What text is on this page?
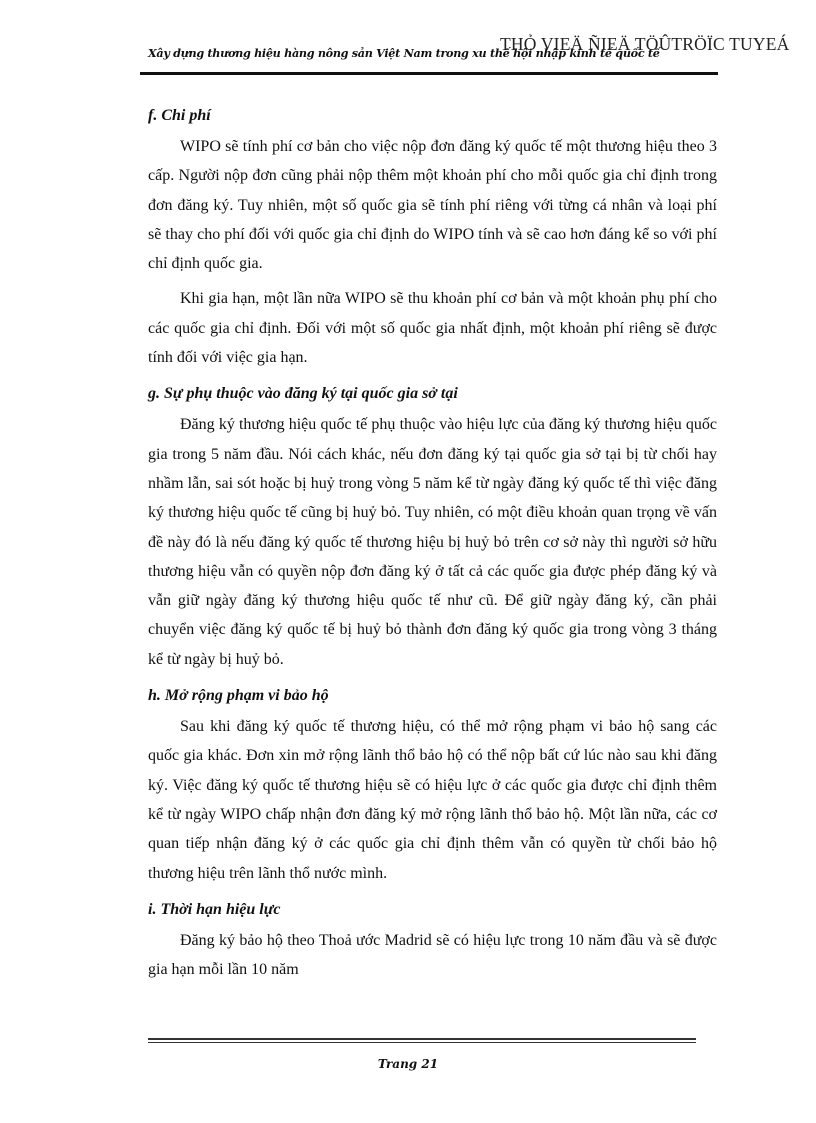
Xây dựng thương hiệu hàng nông sản Việt Nam trong xu thế hội nhập kinh tế quốc tế
THỎ VIEÄ ÑIEÄ TÖÛTRÖÏC TUYEÁ
f. Chi phí

WIPO sẽ tính phí cơ bản cho việc nộp đơn đăng ký quốc tế một thương hiệu theo 3 cấp. Người nộp đơn cũng phải nộp thêm một khoản phí cho mỗi quốc gia chỉ định trong đơn đăng ký. Tuy nhiên, một số quốc gia sẽ tính phí riêng với từng cá nhân và loại phí sẽ thay cho phí đối với quốc gia chỉ định do WIPO tính và sẽ cao hơn đáng kể so với phí chỉ định quốc gia.

Khi gia hạn, một lần nữa WIPO sẽ thu khoản phí cơ bản và một khoản phụ phí cho các quốc gia chỉ định. Đối với một số quốc gia nhất định, một khoản phí riêng sẽ được tính đối với việc gia hạn.

g. Sự phụ thuộc vào đăng ký tại quốc gia sở tại

Đăng ký thương hiệu quốc tế phụ thuộc vào hiệu lực của đăng ký thương hiệu quốc gia trong 5 năm đầu. Nói cách khác, nếu đơn đăng ký tại quốc gia sở tại bị từ chối hay nhầm lẫn, sai sót hoặc bị huỷ trong vòng 5 năm kể từ ngày đăng ký quốc tế thì việc đăng ký thương hiệu quốc tế cũng bị huỷ bỏ. Tuy nhiên, có một điều khoản quan trọng về vấn đề này đó là nếu đăng ký quốc tế thương hiệu bị huỷ bỏ trên cơ sở này thì người sở hữu thương hiệu vẫn có quyền nộp đơn đăng ký ở tất cả các quốc gia được phép đăng ký và vẫn giữ ngày đăng ký thương hiệu quốc tế như cũ. Để giữ ngày đăng ký, cần phải chuyển việc đăng ký quốc tế bị huỷ bỏ thành đơn đăng ký quốc gia trong vòng 3 tháng kể từ ngày bị huỷ bỏ.

h. Mở rộng phạm vi bảo hộ

Sau khi đăng ký quốc tế thương hiệu, có thể mở rộng phạm vi bảo hộ sang các quốc gia khác. Đơn xin mở rộng lãnh thổ bảo hộ có thể nộp bất cứ lúc nào sau khi đăng ký. Việc đăng ký quốc tế thương hiệu sẽ có hiệu lực ở các quốc gia được chỉ định thêm kể từ ngày WIPO chấp nhận đơn đăng ký mở rộng lãnh thổ bảo hộ. Một lần nữa, các cơ quan tiếp nhận đăng ký ở các quốc gia chỉ định thêm vẫn có quyền từ chối bảo hộ thương hiệu trên lãnh thổ nước mình.

i. Thời hạn hiệu lực

Đăng ký bảo hộ theo Thoả ước Madrid sẽ có hiệu lực trong 10 năm đầu và sẽ được gia hạn mỗi lần 10 năm

Trang 21
